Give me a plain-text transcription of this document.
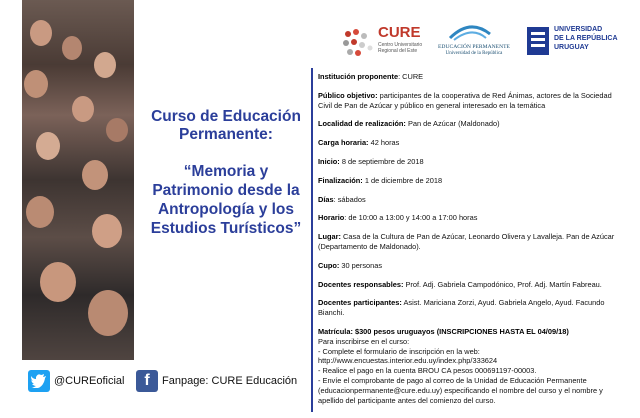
Curso de Educación
Permanente:
“Memoria y
Patrimonio desde la
Antropología y los
Estudios Turísticos”
CURE
Centro Universitario
Regional del Este
EDUCACIÓN PERMANENTE
Universidad de la República
UNIVERSIDAD
DE LA REPÚBLICA
URUGUAY

Institución proponente: CURE

Público objetivo: participantes de la cooperativa de Red Ánimas, actores de la Sociedad Civil de Pan de Azúcar y público en general interesado en la temática

Localidad de realización: Pan de Azúcar (Maldonado)

Carga horaria: 42 horas

Inicio: 8 de septiembre de 2018

Finalización: 1 de diciembre de 2018

Días: sábados

Horario: de 10:00 a 13:00 y 14:00 a 17:00 horas

Lugar: Casa de la Cultura de Pan de Azúcar, Leonardo Olivera y Lavalleja. Pan de Azúcar (Departamento de Maldonado).

Cupo: 30 personas

Docentes responsables: Prof. Adj. Gabriela Campodónico, Prof. Adj. Martín Fabreau.

Docentes participantes: Asist. Mariciana Zorzi, Ayud. Gabriela Angelo, Ayud. Facundo Bianchi.

Matrícula: $300 pesos uruguayos (INSCRIPCIONES HASTA EL 04/09/18)

Para inscribirse en el curso:

- Complete el formulario de inscripción en la web:

http://www.encuestas.interior.edu.uy/index.php/333624

- Realice el pago en la cuenta BROU CA pesos 000691197-00003.

- Envíe el comprobante de pago al correo de la Unidad de Educación Permanente (educacionpermanente@cure.edu.uy) especificando el nombre del curso y el nombre y apellido del participante antes del comienzo del curso.

@CUREoficial f Fanpage: CURE Educación
